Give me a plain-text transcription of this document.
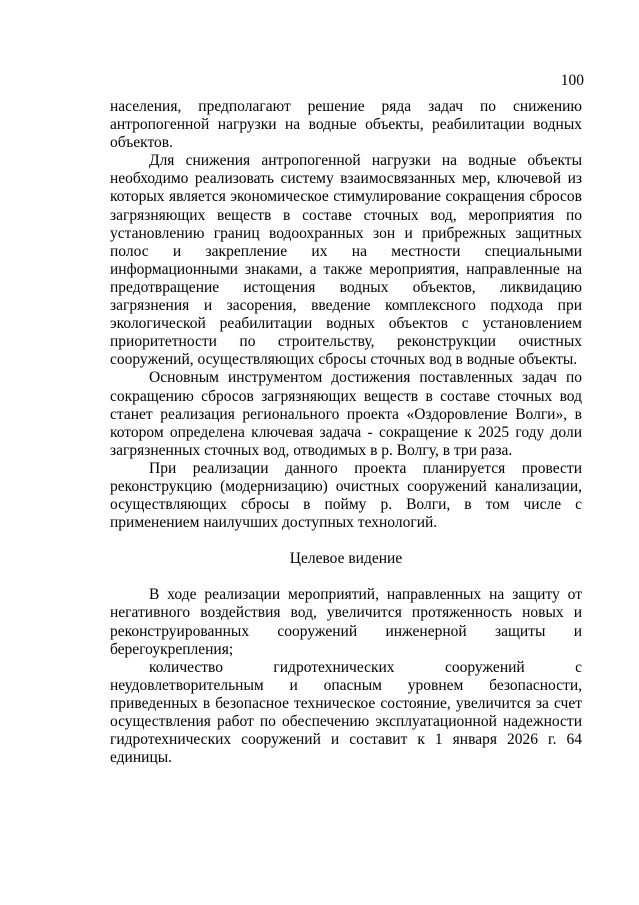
100

населения, предполагают решение ряда задач по снижению антропогенной нагрузки на водные объекты, реабилитации водных объектов.

Для снижения антропогенной нагрузки на водные объекты необходимо реализовать систему взаимосвязанных мер, ключевой из которых является экономическое стимулирование сокращения сбросов загрязняющих веществ в составе сточных вод, мероприятия по установлению границ водоохранных зон и прибрежных защитных полос и закрепление их на местности специальными информационными знаками, а также мероприятия, направленные на предотвращение истощения водных объектов, ликвидацию загрязнения и засорения, введение комплексного подхода при экологической реабилитации водных объектов с установлением приоритетности по строительству, реконструкции очистных сооружений, осуществляющих сбросы сточных вод в водные объекты.

Основным инструментом достижения поставленных задач по сокращению сбросов загрязняющих веществ в составе сточных вод станет реализация регионального проекта «Оздоровление Волги», в котором определена ключевая задача - сокращение к 2025 году доли загрязненных сточных вод, отводимых в р. Волгу, в три раза.

При реализации данного проекта планируется провести реконструкцию (модернизацию) очистных сооружений канализации, осуществляющих сбросы в пойму р. Волги, в том числе с применением наилучших доступных технологий.

Целевое видение

В ходе реализации мероприятий, направленных на защиту от негативного воздействия вод, увеличится протяженность новых и реконструированных сооружений инженерной защиты и берегоукрепления;

количество гидротехнических сооружений с неудовлетворительным и опасным уровнем безопасности, приведенных в безопасное техническое состояние, увеличится за счет осуществления работ по обеспечению эксплуатационной надежности гидротехнических сооружений и составит к 1 января 2026 г. 64 единицы.
